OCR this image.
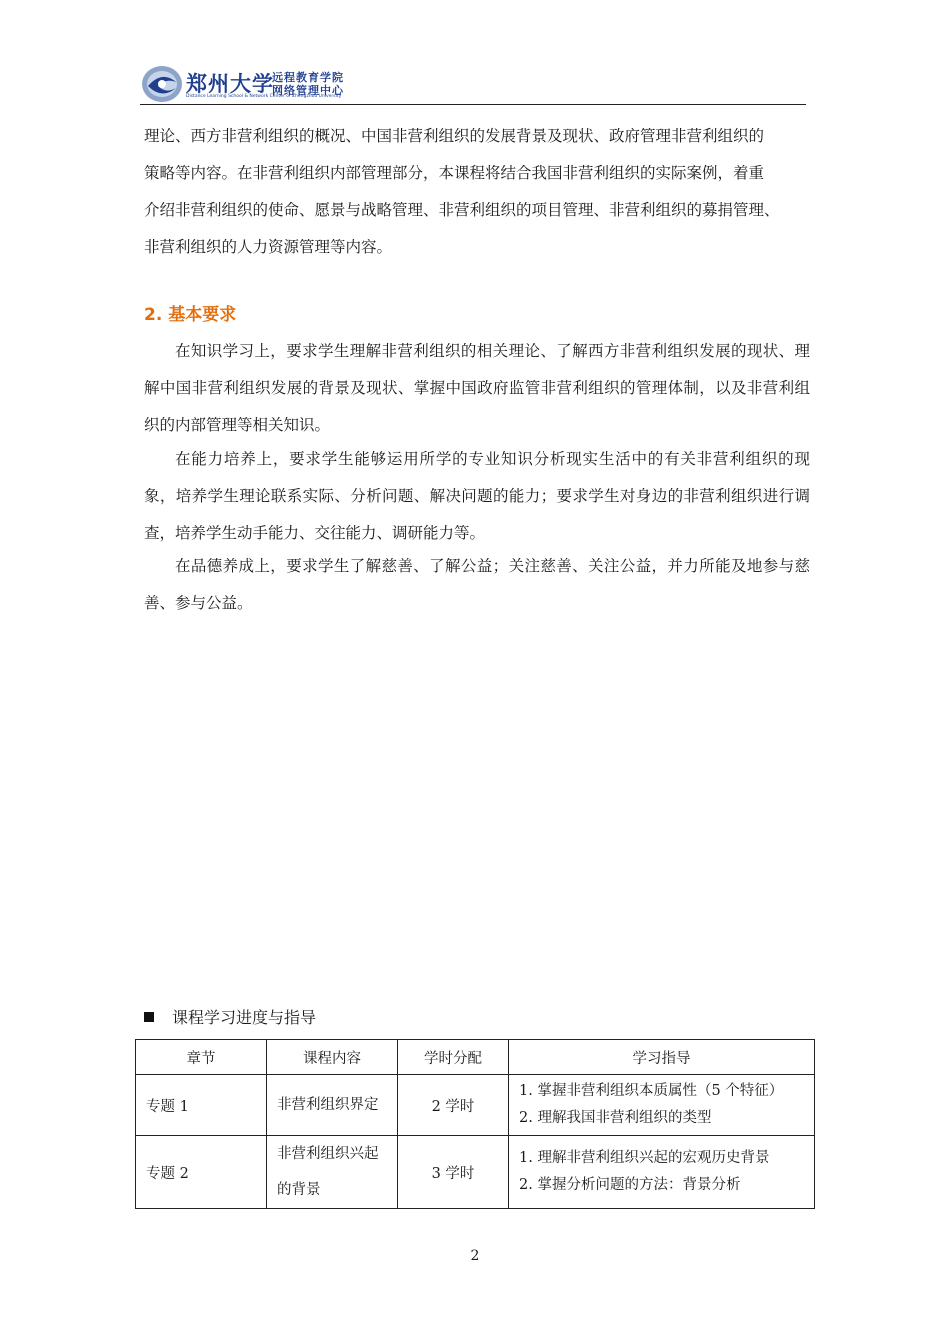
郑州大学
远程教育学院
网络管理中心
Distance Learning School & Network Center of Zhengzhou University
理论、西方非营利组织的概况、中国非营利组织的发展背景及现状、政府管理非营利组织的
策略等内容。在非营利组织内部管理部分，本课程将结合我国非营利组织的实际案例，着重
介绍非营利组织的使命、愿景与战略管理、非营利组织的项目管理、非营利组织的募捐管理、
非营利组织的人力资源管理等内容。
2. 基本要求

在知识学习上，要求学生理解非营利组织的相关理论、了解西方非营利组织发展的现状、理解中国非营利组织发展的背景及现状、掌握中国政府监管非营利组织的管理体制，以及非营利组织的内部管理等相关知识。

在能力培养上，要求学生能够运用所学的专业知识分析现实生活中的有关非营利组织的现象，培养学生理论联系实际、分析问题、解决问题的能力；要求学生对身边的非营利组织进行调查，培养学生动手能力、交往能力、调研能力等。

在品德养成上，要求学生了解慈善、了解公益；关注慈善、关注公益，并力所能及地参与慈善、参与公益。

课程学习进度与指导
章节	课程内容	学时分配	学习指导
专题 1	非营利组织界定	2 学时	1. 掌握非营利组织本质属性（5 个特征）
2. 理解我国非营利组织的类型

专题 2	非营利组织兴起
的背景	3 学时	1. 理解非营利组织兴起的宏观历史背景
2. 掌握分析问题的方法：背景分析
2
